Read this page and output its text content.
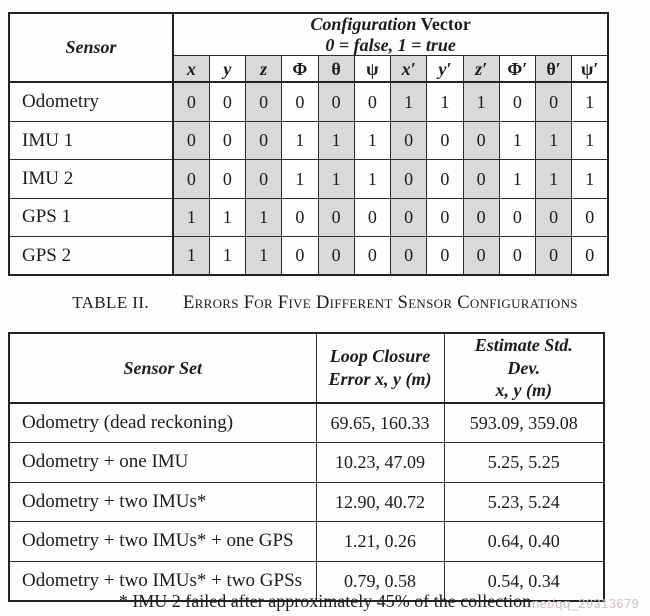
Sensor	Configuration Vector
0 = false, 1 = true											

	x	y	z	Φ	θ	ψ	x′	y′	z′	Φ′	θ′	ψ′
Odometry	0	0	0	0	0	0	1	1	1	0	0	1
IMU 1	0	0	0	1	1	1	0	0	0	1	1	1
IMU 2	0	0	0	1	1	1	0	0	0	1	1	1
GPS 1	1	1	1	0	0	0	0	0	0	0	0	0
GPS 2	1	1	1	0	0	0	0	0	0	0	0	0
TABLE II. Errors For Five Different Sensor Configurations
Sensor Set	
Loop Closure
Error x, y (m)

Estimate Std.
Dev.
x, y (m)

Odometry (dead reckoning)	69.65, 160.33	593.09, 359.08
Odometry + one IMU	10.23, 47.09	5.25, 5.25
Odometry + two IMUs*	12.90, 40.72	5.23, 5.24
Odometry + two IMUs* + one GPS	1.21, 0.26	0.64, 0.40
Odometry + two IMUs* + two GPSs	0.79, 0.58	0.54, 0.34
* IMU 2 failed after approximately 45% of the collection
.net/qq_29313679
